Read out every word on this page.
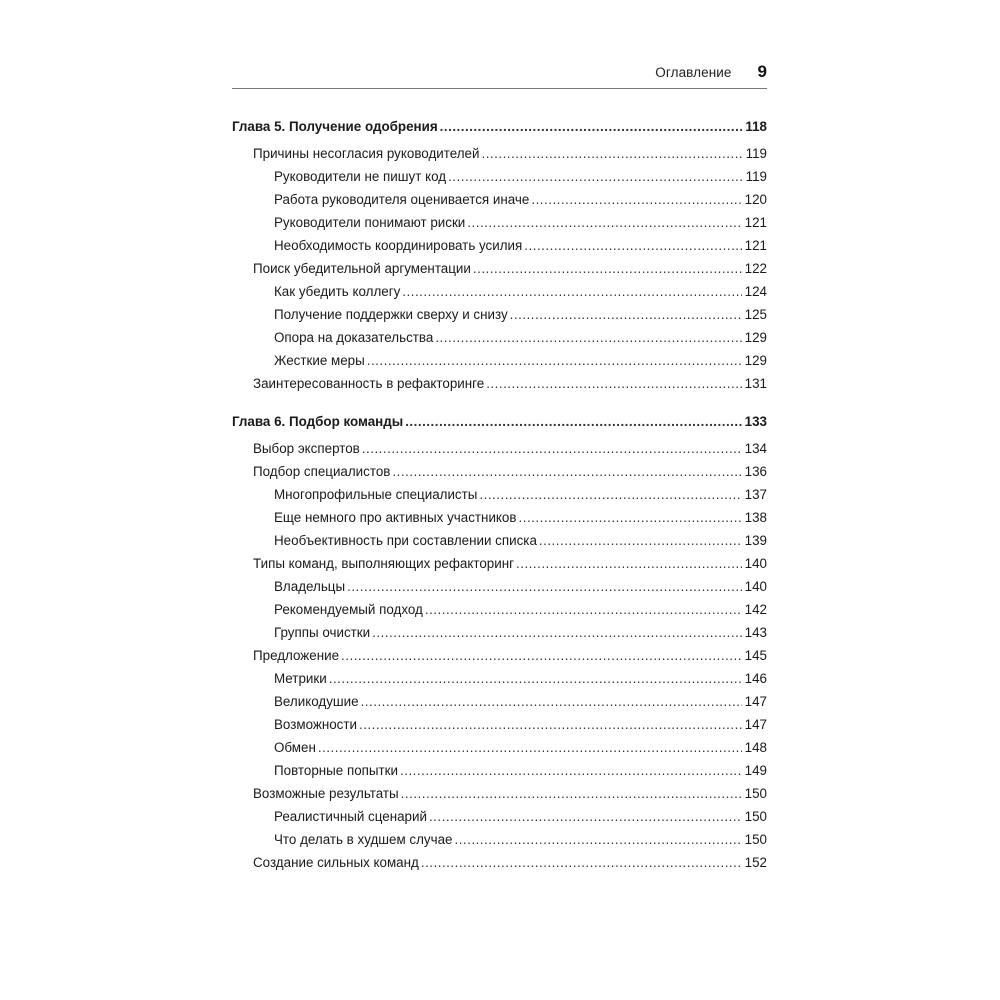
Оглавление 9
Глава 5. Получение одобрения .....	118
Причины несогласия руководителей .....	119
Руководители не пишут код .....	119
Работа руководителя оценивается иначе .....	120
Руководители понимают риски .....	121
Необходимость координировать усилия .....	121
Поиск убедительной аргументации .....	122
Как убедить коллегу .....	124
Получение поддержки сверху и снизу .....	125
Опора на доказательства .....	129
Жесткие меры .....	129
Заинтересованность в рефакторинге .....	131
Глава 6. Подбор команды .....	133
Выбор экспертов .....	134
Подбор специалистов .....	136
Многопрофильные специалисты .....	137
Еще немного про активных участников .....	138
Необъективность при составлении списка .....	139
Типы команд, выполняющих рефакторинг .....	140
Владельцы .....	140
Рекомендуемый подход .....	142
Группы очистки .....	143
Предложение .....	145
Метрики .....	146
Великодушие .....	147
Возможности .....	147
Обмен .....	148
Повторные попытки .....	149
Возможные результаты .....	150
Реалистичный сценарий .....	150
Что делать в худшем случае .....	150
Создание сильных команд .....	152
